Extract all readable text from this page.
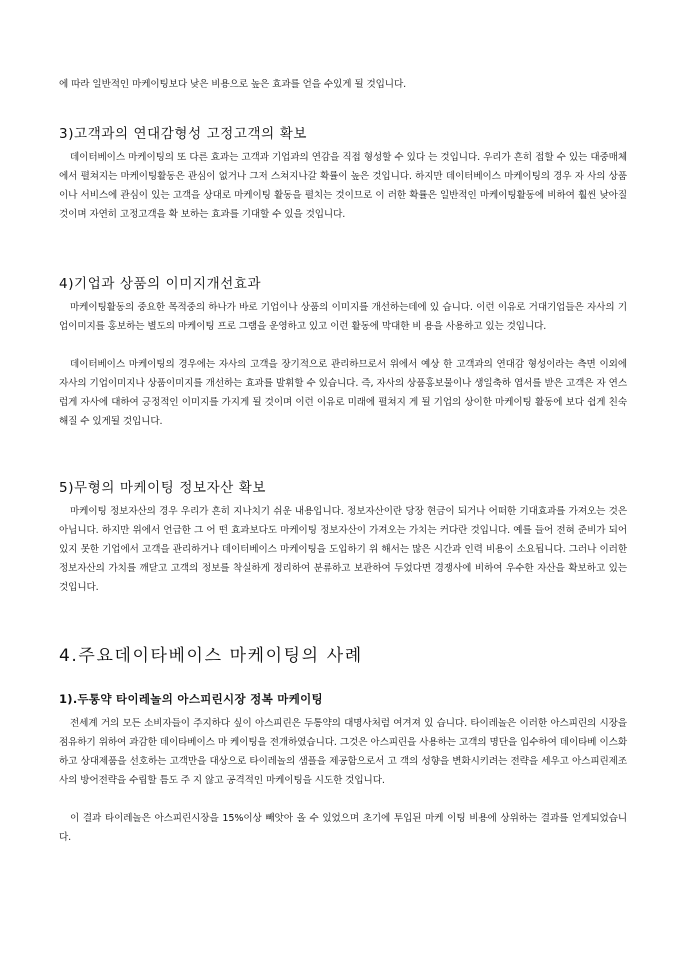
에 따라 일반적인 마케이팅보다 낮은 비용으로 높은 효과를 얻을 수있게 될 것입니다.

3)고객과의 연대감형성 고정고객의 확보

데이터베이스 마케이팅의 또 다른 효과는 고객과 기업과의 연감을 직접 형성할 수 있다 는 것입니다. 우리가 흔히 접할 수 있는 대중매체에서 펼쳐지는 마케이팅활동은 관심이 없거나 그저 스쳐지나갈 확률이 높은 것입니다. 하지만 데이터베이스 마케이팅의 경우 자 사의 상품이나 서비스에 관심이 있는 고객을 상대로 마케이팅 활동을 펼치는 것이므로 이 러한 확률은 일반적인 마케이팅활동에 비하여 훨씬 낮아질 것이며 자연히 고정고객을 확 보하는 효과를 기대할 수 있을 것입니다.

4)기업과 상품의 이미지개선효과

마케이팅활동의 중요한 목적중의 하나가 바로 기업이나 상품의 이미지를 개선하는데에 있 습니다. 이런 이유로 거대기업들은 자사의 기업이미지를 홍보하는 별도의 마케이팅 프로 그램을 운영하고 있고 이런 활동에 막대한 비 용을 사용하고 있는 것입니다.

데이터베이스 마케이팅의 경우에는 자사의 고객을 장기적으로 관리하므로서 위에서 예상 한 고객과의 연대감 형성이라는 측면 이외에 자사의 기업이미지나 상품이미지를 개선하는 효과를 발휘할 수 있습니다. 즉, 자사의 상품홍보물이나 생일축하 엽서를 받은 고객은 자 연스럽게 자사에 대하여 긍정적인 이미지를 가지게 될 것이며 이런 이유로 미래에 펼쳐지 게 될 기업의 상이한 마케이팅 활동에 보다 쉽게 친숙해질 수 있게될 것입니다.

5)무형의 마케이팅 정보자산 확보

마케이팅 정보자산의 경우 우리가 흔히 지나치기 쉬운 내용입니다. 정보자산이란 당장 현금이 되거나 어떠한 기대효과를 가져오는 것은 아닙니다. 하지만 위에서 언급한 그 어 떤 효과보다도 마케이팅 정보자산이 가져오는 가치는 커다란 것입니다. 예를 들어 전혀 준비가 되어있지 못한 기업에서 고객을 관리하거나 데이터베이스 마케이팅을 도입하기 위 해서는 많은 시간과 인력 비용이 소요됩니다. 그러나 이러한 정보자산의 가치를 깨닫고 고객의 정보를 착실하게 정리하여 분류하고 보관하여 두었다면 경쟁사에 비하여 우수한 자산을 확보하고 있는 것입니다.

4.주요데이타베이스 마케이팅의 사례
1).두통약 타이레놀의 아스피린시장 정복 마케이팅

전세계 거의 모든 소비자들이 주지하다 싶이 아스피린은 두통약의 대명사처럼 여겨져 있 습니다. 타이레놀은 이러한 아스피린의 시장을 점유하기 위하여 과감한 데이타베이스 마 케이팅을 전개하였습니다. 그것은 아스피린을 사용하는 고객의 명단을 입수하여 데이타베 이스화하고 상대제품을 선호하는 고객만을 대상으로 타이레놀의 샘플을 제공함으로서 고 객의 성향을 변화시키려는 전략을 세우고 아스피린제조사의 방어전략을 수립할 틈도 주 지 않고 공격적인 마케이팅을 시도한 것입니다.

이 결과 타이레놀은 아스피린시장을 15%이상 빼앗아 올 수 있었으며 초기에 투입된 마케 이팅 비용에 상위하는 결과를 얻게되었습니다.
